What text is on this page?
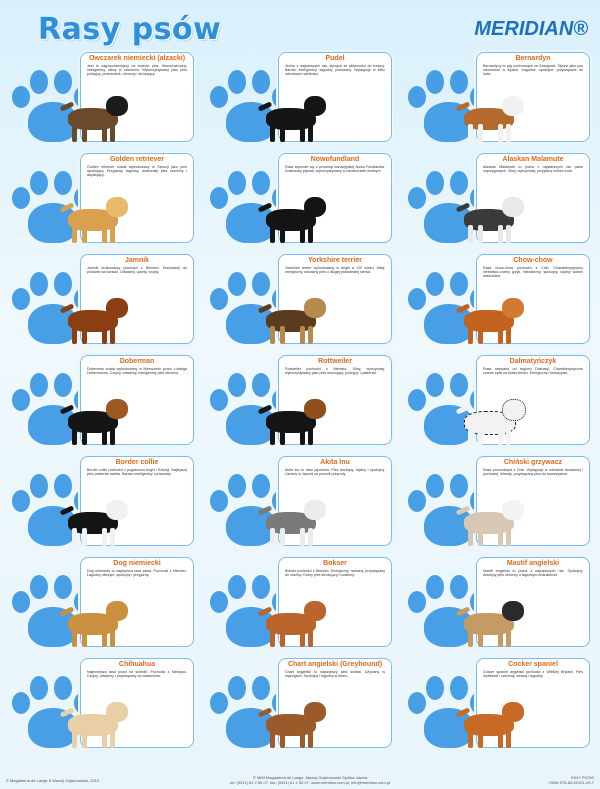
Rasy psów	MERIDIAN®
Owczarek niemiecki (alzacki)
Jest to najpopularniejszy na świecie pies. Wszechstronny, inteligentny, łatwy w szkoleniu. Wykorzystywany jako pies policyjny, przewodnik, obronny i stróżujący.
Pudel
Jedna z najstarszych ras, słynąca ze skłonności do tresury. Bardzo inteligentny, łagodny, posłuszny. Występuje w kilku odmianach wielkości.
Bernardyn
Bernardyny to psy pochodzące ze Szwajcarii. Słynne jako psy ratownicze w Alpach. Łagodne, spokojne, przywiązane do ludzi.
Golden retriever
Golden retriever został wyhodowany w Szkocji jako pies aportujący. Przyjazny, łagodny, doskonały pies rodzinny i asystujący.
Nowofundland
Rasa wywodzi się z prowincji kanadyjskiej Nowa Fundlandia. Doskonały pływak, wykorzystywany w ratownictwie wodnym.
Alaskan Malamute
Alaskan Malamute to jedna z najstarszych ras psów zaprzęgowych. Silny, wytrzymały, przyjazny wobec ludzi.
Jamnik
Jamnik krótkowłosy pochodzi z Niemiec. Hodowany do polowań na borsuki. Odważny, uparty, czujny.
Yorkshire terrier
Yorkshire terrier wyhodowany w Anglii w XIX wieku. Mały, energiczny, odważny pies o długiej jedwabistej sierści.
Chow-chow
Rasa chow-chow pochodzi z Chin. Charakterystyczny niebiesko-czarny język. Niezależny, spokojny, lojalny wobec właściciela.
Doberman
Doberman został wyhodowany w Niemczech przez Ludwiga Dobermanna. Czujny, odważny, inteligentny pies obronny.
Rottweiler
Rottweiler pochodzi z Niemiec. Silny, wytrzymały, wykorzystywany jako pies stróżujący, policyjny i pasterski.
Dalmatyńczyk
Rasa nazwana od regionu Dalmacji. Charakterystyczne czarne cętki na białej sierści. Energiczny i towarzyski.
Border collie
Border collie pochodzi z pogranicza Anglii i Szkocji. Najlepszy pies pasterski świata. Bardzo inteligentny i pracowity.
Akita Inu
Akita inu to rasa japońska. Pies dostojny, lojalny i spokojny. Uznany w Japonii za pomnik przyrody.
Chiński grzywacz
Rasa pochodząca z Chin. Występuje w odmianie bezwłosej i puchowej. Wesoły, przywiązany pies do towarzystwa.
Dog niemiecki
Dog niemiecki to najwyższa rasa psów. Pochodzi z Niemiec. Łagodny olbrzym, spokojny i przyjazny.
Bokser
Bokser pochodzi z Niemiec. Energiczny, radosny, przywiązany do rodziny. Dobry pies stróżujący i rodzinny.
Mastif angielski
Mastif angielski to jedna z najcięższych ras. Spokojny, dostojny pies obronny o łagodnym charakterze.
Chihuahua
Najmniejsza rasa psów na świecie. Pochodzi z Meksyku. Czujny, odważny i przywiązany do właściciela.
Chart angielski (Greyhound)
Chart angielski to najszybszy pies świata. Używany w wyścigach. Spokojny i łagodny w domu.
Cocker spaniel
Cocker spaniel angielski pochodzi z Wielkiej Brytanii. Pies myśliwski i rodzinny, wesoły i łagodny.
© Magdalena de Lange & Maciej Gajsiorowski, 2010
© MMI Magdalena de Lange, Maciej Gajsiorowski Spółka Jawna
tel. (0911) 61 2 55 07, fax: (0911) 61 2 55 07, www.meridian.com.pl, info@meridian.com.pl
INNY PSÓW
ISBN 978-83-62101-49-7
